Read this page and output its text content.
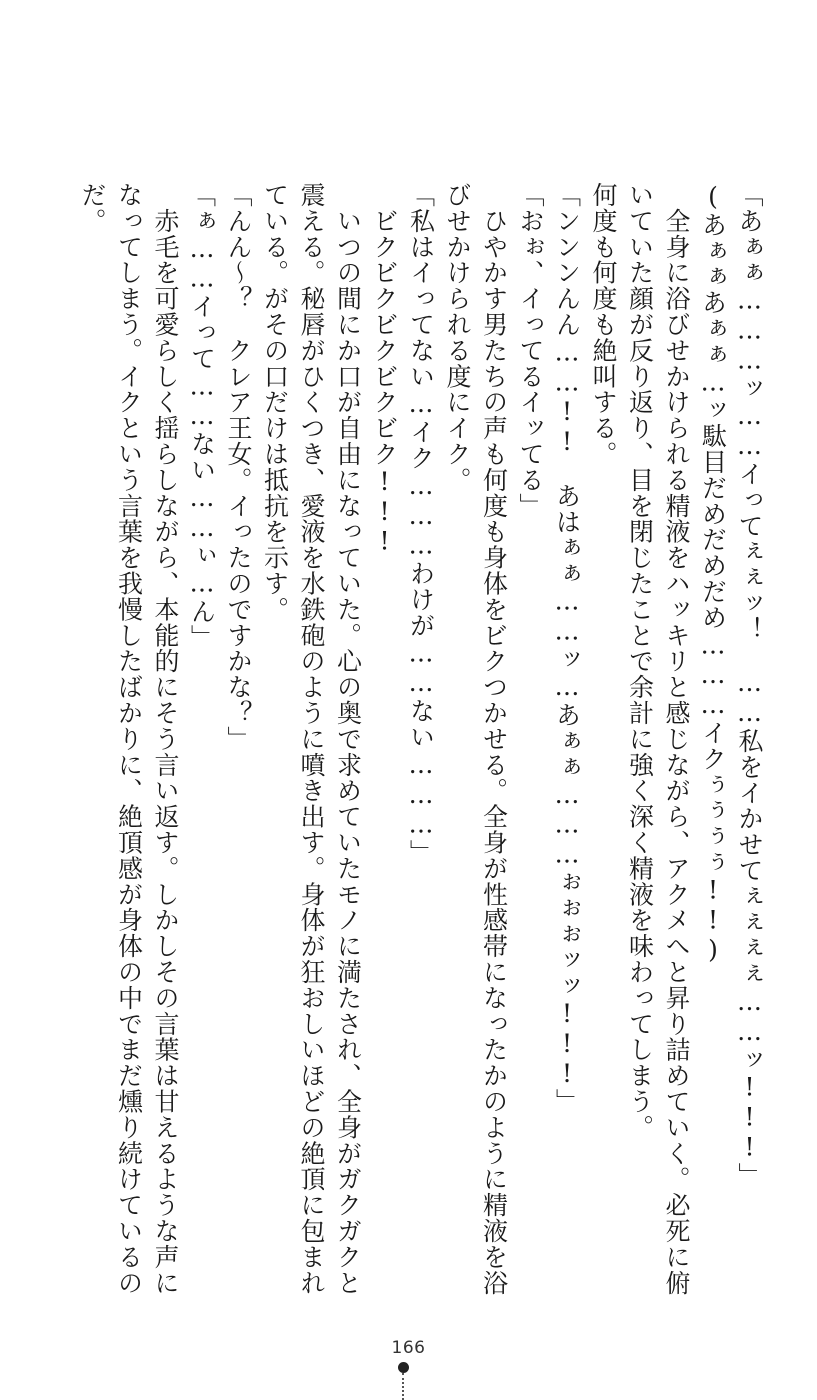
「あぁぁ………ッ……イってぇぇッ！　……私をイかせてぇぇぇぇ……ッ!!!」

(あぁぁあぁぁ…ッ駄目だめだめだめ………イクぅぅぅぅ!!)

　全身に浴びせかけられる精液をハッキリと感じながら、アクメへと昇り詰めていく。必死に俯いていた顔が反り返り、目を閉じたことで余計に強く深く精液を味わってしまう。

何度も何度も絶叫する。

「ンンンんん……!!　あはぁぁ……ッ…あぁぁ………ぉぉぉッッ!!!」

「おぉ、イってるイッてる」

　ひやかす男たちの声も何度も身体をビクつかせる。全身が性感帯になったかのように精液を浴びせかけられる度にイク。

「私はイってない…イク………わけが……ない………」

　ビクビクビクビクビク!!!

　いつの間にか口が自由になっていた。心の奥で求めていたモノに満たされ、全身がガクガクと震える。秘唇がひくつき、愛液を水鉄砲のように噴き出す。身体が狂おしいほどの絶頂に包まれている。がその口だけは抵抗を示す。

「んん～？　クレア王女。イったのですかな？」

「ぁ……イって……ない……ぃ…ん」

　赤毛を可愛らしく揺らしながら、本能的にそう言い返す。しかしその言葉は甘えるような声になってしまう。イクという言葉を我慢したばかりに、絶頂感が身体の中でまだ燻り続けているのだ。

166
